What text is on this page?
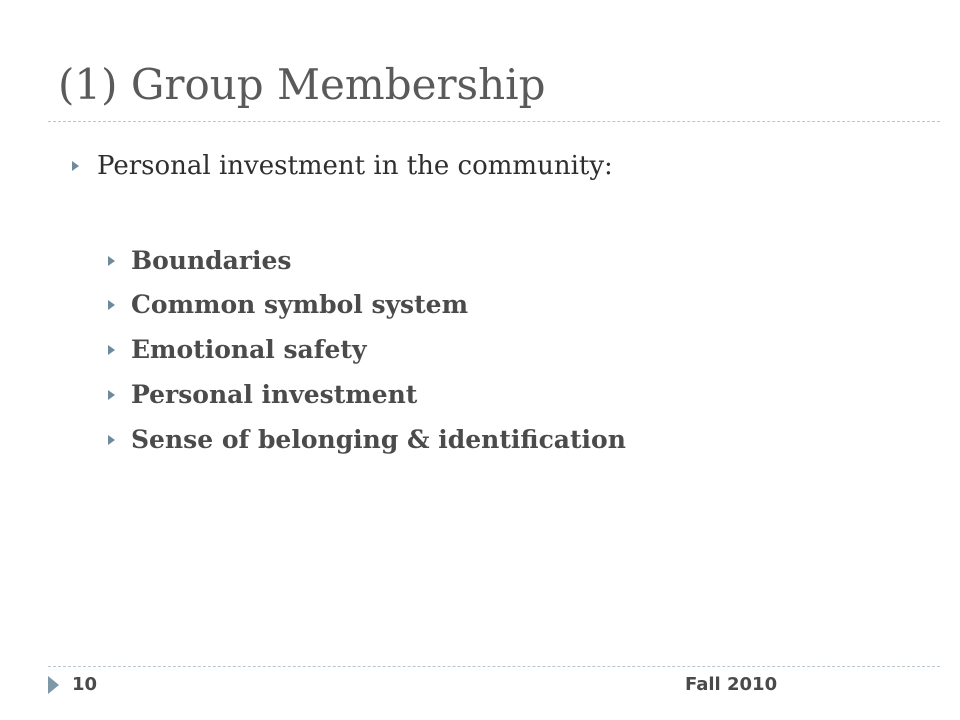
(1) Group Membership
Personal investment in the community:
Boundaries
Common symbol system
Emotional safety
Personal investment
Sense of belonging & identification
10	Fall 2010
